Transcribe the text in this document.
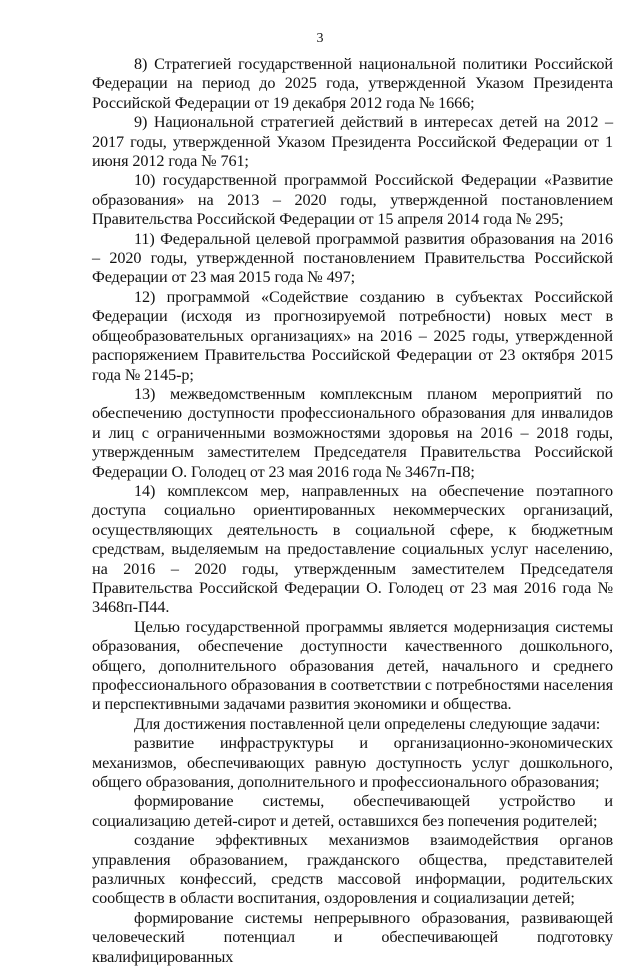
3

8) Стратегией государственной национальной политики Российской Федерации на период до 2025 года, утвержденной Указом Президента Российской Федерации от 19 декабря 2012 года № 1666;

9) Национальной стратегией действий в интересах детей на 2012 – 2017 годы, утвержденной Указом Президента Российской Федерации от 1 июня 2012 года № 761;

10) государственной программой Российской Федерации «Развитие образования» на 2013 – 2020 годы, утвержденной постановлением Правительства Российской Федерации от 15 апреля 2014 года № 295;

11) Федеральной целевой программой развития образования на 2016 – 2020 годы, утвержденной постановлением Правительства Российской Федерации от 23 мая 2015 года № 497;

12) программой «Содействие созданию в субъектах Российской Федерации (исходя из прогнозируемой потребности) новых мест в общеобразовательных организациях» на 2016 – 2025 годы, утвержденной распоряжением Правительства Российской Федерации от 23 октября 2015 года № 2145-р;

13) межведомственным комплексным планом мероприятий по обеспечению доступности профессионального образования для инвалидов и лиц с ограниченными возможностями здоровья на 2016 – 2018 годы, утвержденным заместителем Председателя Правительства Российской Федерации О. Голодец от 23 мая 2016 года № 3467п-П8;

14) комплексом мер, направленных на обеспечение поэтапного доступа социально ориентированных некоммерческих организаций, осуществляющих деятельность в социальной сфере, к бюджетным средствам, выделяемым на предоставление социальных услуг населению, на 2016 – 2020 годы, утвержденным заместителем Председателя Правительства Российской Федерации О. Голодец от 23 мая 2016 года № 3468п-П44.

Целью государственной программы является модернизация системы образования, обеспечение доступности качественного дошкольного, общего, дополнительного образования детей, начального и среднего профессионального образования в соответствии с потребностями населения и перспективными задачами развития экономики и общества.

Для достижения поставленной цели определены следующие задачи:

развитие инфраструктуры и организационно-экономических механизмов, обеспечивающих равную доступность услуг дошкольного, общего образования, дополнительного и профессионального образования;

формирование системы, обеспечивающей устройство и социализацию детей-сирот и детей, оставшихся без попечения родителей;

создание эффективных механизмов взаимодействия органов управления образованием, гражданского общества, представителей различных конфессий, средств массовой информации, родительских сообществ в области воспитания, оздоровления и социализации детей;

формирование системы непрерывного образования, развивающей человеческий потенциал и обеспечивающей подготовку квалифицированных
